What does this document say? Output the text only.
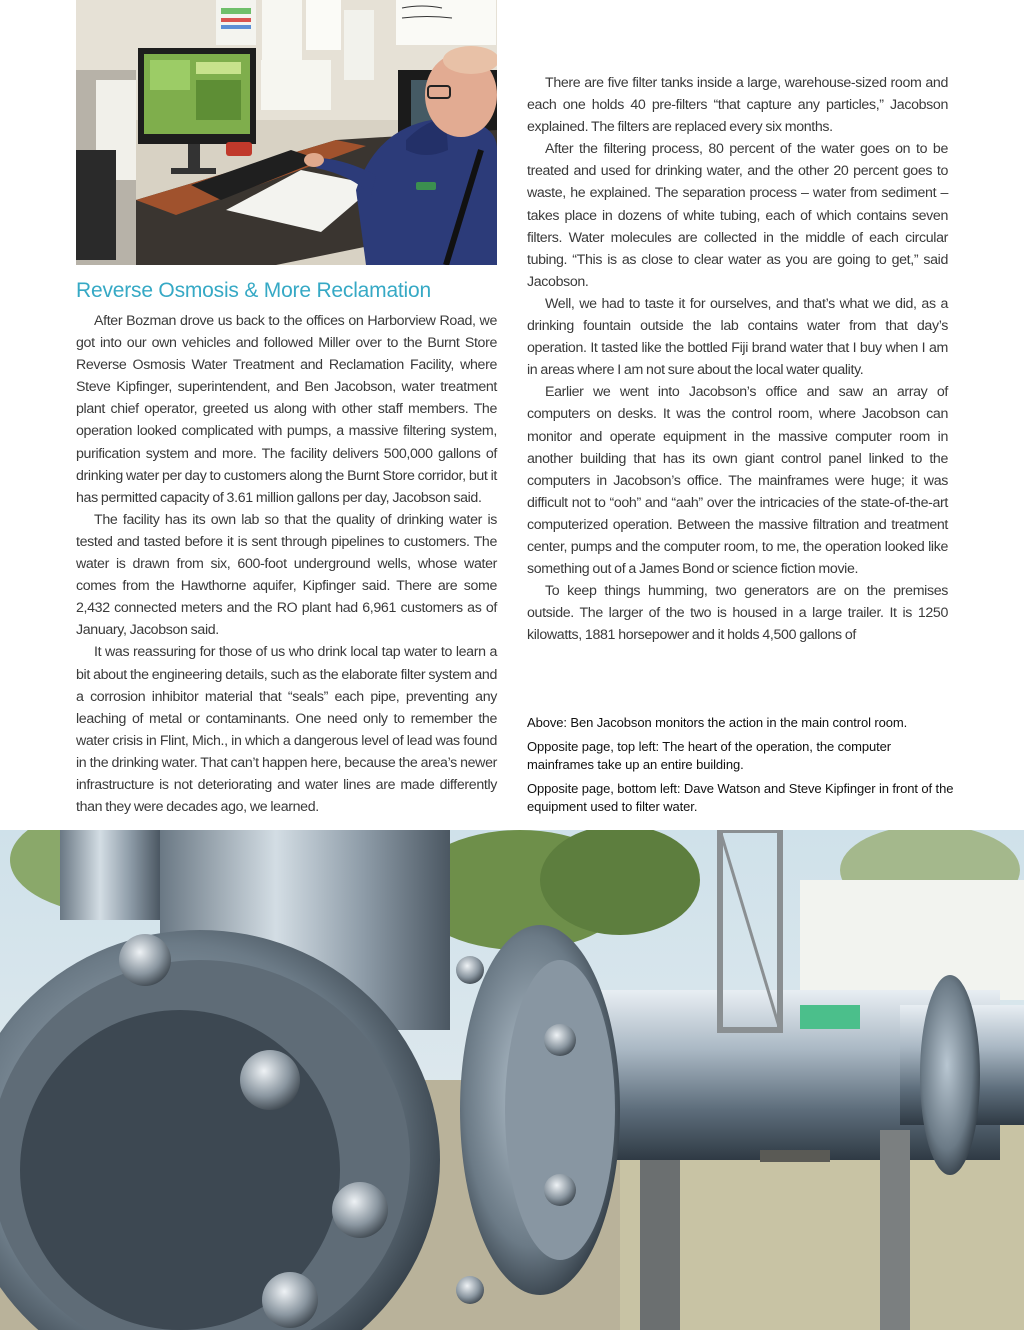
Reverse Osmosis & More Reclamation

After Bozman drove us back to the offices on Harborview Road, we got into our own vehicles and followed Miller over to the Burnt Store Reverse Osmosis Water Treatment and Reclamation Facility, where Steve Kipfinger, superintendent, and Ben Jacobson, water treatment plant chief operator, greeted us along with other staff members. The operation looked complicated with pumps, a massive filtering system, purification system and more. The facility delivers 500,000 gallons of drinking water per day to customers along the Burnt Store corridor, but it has permitted capacity of 3.61 million gallons per day, Jacobson said.

The facility has its own lab so that the quality of drinking water is tested and tasted before it is sent through pipelines to customers. The water is drawn from six, 600-foot underground wells, whose water comes from the Hawthorne aquifer, Kipfinger said. There are some 2,432 connected meters and the RO plant had 6,961 customers as of January, Jacobson said.

It was reassuring for those of us who drink local tap water to learn a bit about the engineering details, such as the elaborate filter system and a corrosion inhibitor material that “seals” each pipe, preventing any leaching of metal or contaminants. One need only to remember the water crisis in Flint, Mich., in which a dangerous level of lead was found in the drinking water. That can’t happen here, because the area’s newer infrastructure is not deteriorating and water lines are made differently than they were decades ago, we learned.

There are five filter tanks inside a large, warehouse-sized room and each one holds 40 pre-filters “that capture any particles,” Jacobson explained. The filters are replaced every six months.

After the filtering process, 80 percent of the water goes on to be treated and used for drinking water, and the other 20 percent goes to waste, he explained. The separation process – water from sediment – takes place in dozens of white tubing, each of which contains seven filters. Water molecules are collected in the middle of each circular tubing. “This is as close to clear water as you are going to get,” said Jacobson.

Well, we had to taste it for ourselves, and that’s what we did, as a drinking fountain outside the lab contains water from that day’s operation. It tasted like the bottled Fiji brand water that I buy when I am in areas where I am not sure about the local water quality.

Earlier we went into Jacobson’s office and saw an array of computers on desks. It was the control room, where Jacobson can monitor and operate equipment in the massive computer room in another building that has its own giant control panel linked to the computers in Jacobson’s office. The mainframes were huge; it was difficult not to “ooh” and “aah” over the intricacies of the state-of-the-art computerized operation. Between the massive filtration and treatment center, pumps and the computer room, to me, the operation looked like something out of a James Bond or science fiction movie.

To keep things humming, two generators are on the premises outside. The larger of the two is housed in a large trailer. It is 1250 kilowatts, 1881 horsepower and it holds 4,500 gallons of

Above: Ben Jacobson monitors the action in the main control room.

Opposite page, top left: The heart of the operation, the computer mainframes take up an entire building.

Opposite page, bottom left: Dave Watson and Steve Kipfinger in front of the equipment used to filter water.
